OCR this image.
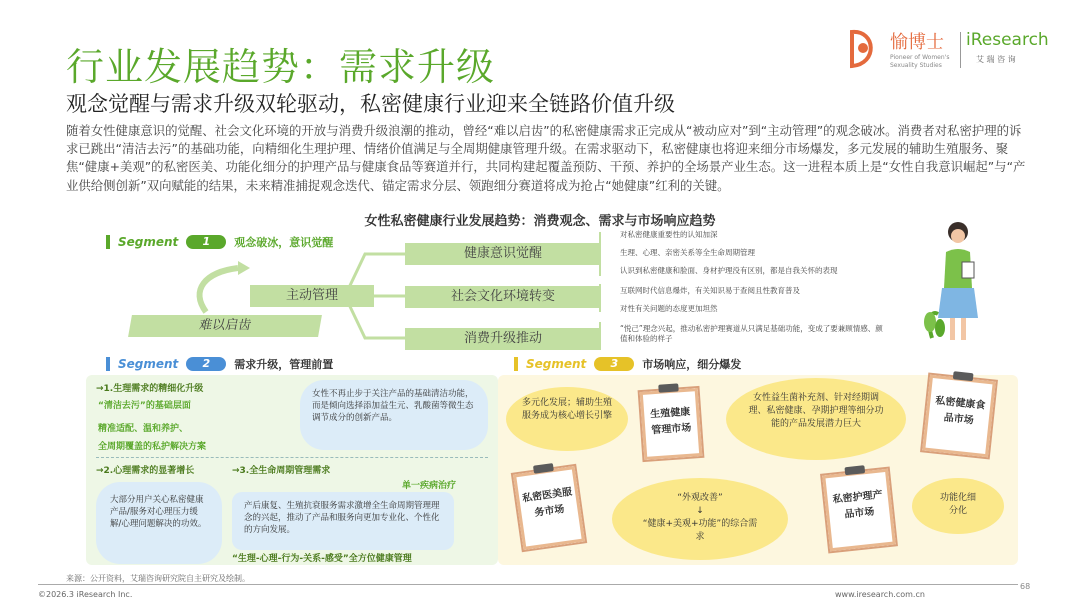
行业发展趋势：需求升级
观念觉醒与需求升级双轮驱动，私密健康行业迎来全链路价值升级
随着女性健康意识的觉醒、社会文化环境的开放与消费升级浪潮的推动，曾经“难以启齿”的私密健康需求正完成从“被动应对”到“主动管理”的观念破冰。消费者对私密护理的诉求已跳出“清洁去污”的基础功能，向精细化生理护理、情绪价值满足与全周期健康管理升级。在需求驱动下，私密健康也将迎来细分市场爆发，多元发展的辅助生殖服务、聚焦“健康+美观”的私密医美、功能化细分的护理产品与健康食品等赛道并行，共同构建起覆盖预防、干预、养护的全场景产业生态。这一进程本质上是“女性自我意识崛起”与“产业供给侧创新”双向赋能的结果，未来精准捕捉观念迭代、锚定需求分层、领跑细分赛道将成为抢占“她健康”红利的关键。
愉博士
Pioneer of Women's
Sexuality Studies
iResearch
艾 瑞 咨 询
女性私密健康行业发展趋势：消费观念、需求与市场响应趋势
Segment	1	观念破冰，意识觉醒
难以启齿
主动管理
健康意识觉醒
社会文化环境转变
消费升级推动
对私密健康重要性的认知加深
生理、心理、亲密关系等全生命周期管理
认识到私密健康和脸面、身材护理没有区别，都是自我关怀的表现
互联网时代信息爆炸，有关知识易于查阅且性教育普及
对性有关问题的态度更加坦然
“悦己”理念兴起，推动私密护理赛道从只满足基础功能，变成了要兼顾情感、颜值和体验的样子
Segment	2	需求升级，管理前置
→1.生理需求的精细化升级
“清洁去污”的基础层面
精准适配、温和养护、
全周期覆盖的私护解决方案
女性不再止步于关注产品的基础清洁功能，而是倾向选择添加益生元、乳酸菌等微生态调节成分的创新产品。
→2.心理需求的显著增长
大部分用户关心私密健康产品/服务对心理压力缓解/心理问题解决的功效。
→3.全生命周期管理需求
单一疾病治疗
产后康复、生殖抗衰服务需求激增全生命周期管理理念的兴起，推动了产品和服务向更加专业化、个性化的方向发展。
“生理-心理-行为-关系-感受”全方位健康管理
Segment	3	市场响应，细分爆发
多元化发展；辅助生殖服务成为核心增长引擎	生殖健康管理市场
女性益生菌补充剂、针对经期调理、私密健康、孕期护理等细分功能的产品发展潜力巨大
私密健康食品市场
私密医美服务市场
“外观改善”
↓
“健康+美观+功能”的综合需求
私密护理产品市场
功能化细分化
来源：公开资料，艾瑞咨询研究院自主研究及绘制。
©2026.3 iResearch Inc.	www.iresearch.com.cn
68
